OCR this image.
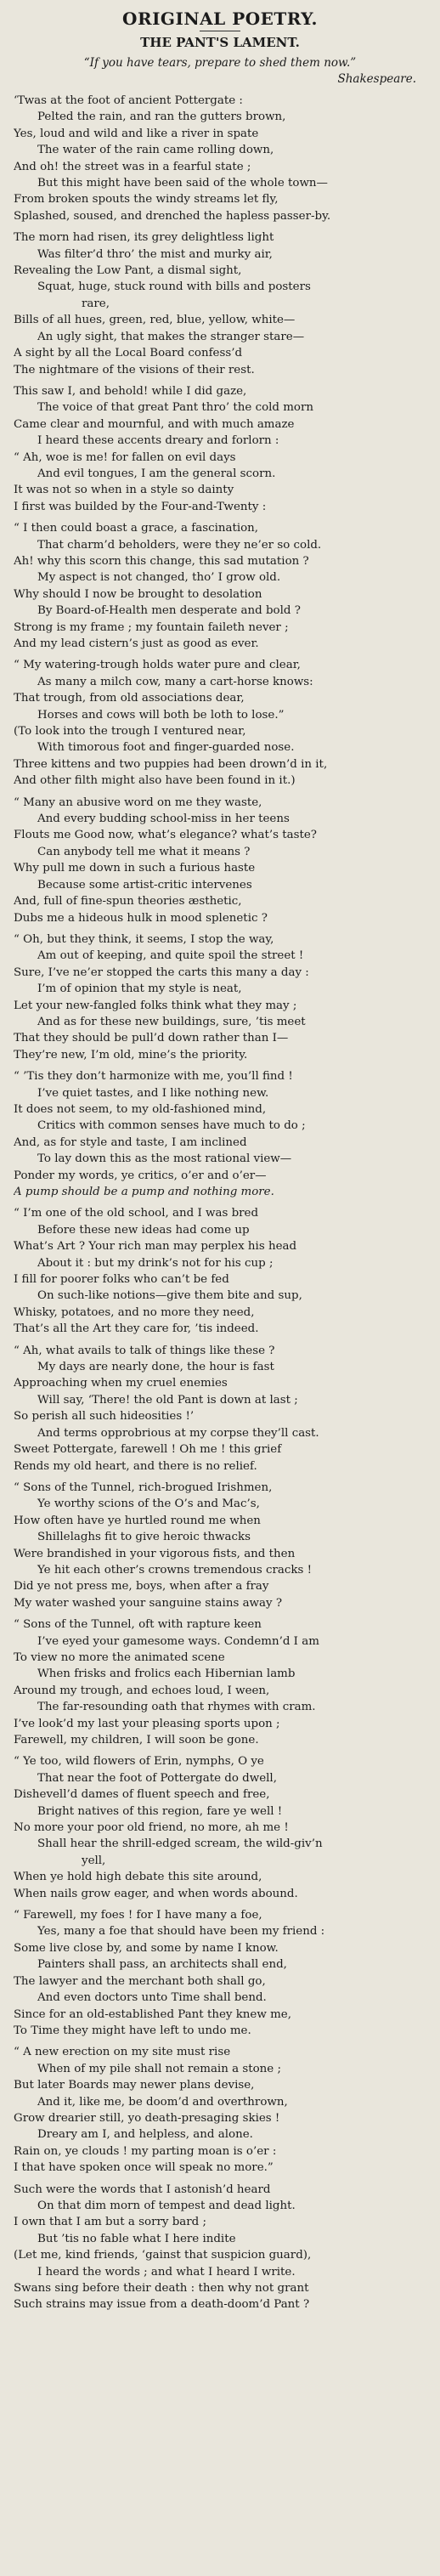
ORIGINAL POETRY.
THE PANT'S LAMENT.
“If you have tears, prepare to shed them now.”
Shakespeare.
‘Twas at the foot of ancient Pottergate :
Pelted the rain, and ran the gutters brown,
Yes, loud and wild and like a river in spate
The water of the rain came rolling down,
And oh! the street was in a fearful state ;
But this might have been said of the whole town—
From broken spouts the windy streams let fly,
Splashed, soused, and drenched the hapless passer-by.
The morn had risen, its grey delightless light
Was filter’d thro’ the mist and murky air,
Revealing the Low Pant, a dismal sight,
Squat, huge, stuck round with bills and posters
rare,
Bills of all hues, green, red, blue, yellow, white—
An ugly sight, that makes the stranger stare—
A sight by all the Local Board confess’d
The nightmare of the visions of their rest.
This saw I, and behold! while I did gaze,
The voice of that great Pant thro’ the cold morn
Came clear and mournful, and with much amaze
I heard these accents dreary and forlorn :
“ Ah, woe is me! for fallen on evil days
And evil tongues, I am the general scorn.
It was not so when in a style so dainty
I first was builded by the Four-and-Twenty :
“ I then could boast a grace, a fascination,
That charm’d beholders, were they ne’er so cold.
Ah! why this scorn this change, this sad mutation ?
My aspect is not changed, tho’ I grow old.
Why should I now be brought to desolation
By Board-of-Health men desperate and bold ?
Strong is my frame ; my fountain faileth never ;
And my lead cistern’s just as good as ever.
“ My watering-trough holds water pure and clear,
As many a milch cow, many a cart-horse knows:
That trough, from old associations dear,
Horses and cows will both be loth to lose.”
(To look into the trough I ventured near,
With timorous foot and finger-guarded nose.
Three kittens and two puppies had been drown’d in it,
And other filth might also have been found in it.)
“ Many an abusive word on me they waste,
And every budding school-miss in her teens
Flouts me Good now, what’s elegance? what’s taste?
Can anybody tell me what it means ?
Why pull me down in such a furious haste
Because some artist-critic intervenes
And, full of fine-spun theories æsthetic,
Dubs me a hideous hulk in mood splenetic ?
“ Oh, but they think, it seems, I stop the way,
Am out of keeping, and quite spoil the street !
Sure, I’ve ne’er stopped the carts this many a day :
I’m of opinion that my style is neat,
Let your new-fangled folks think what they may ;
And as for these new buildings, sure, ’tis meet
That they should be pull’d down rather than I—
They’re new, I’m old, mine’s the priority.
“ ’Tis they don’t harmonize with me, you’ll find !
I’ve quiet tastes, and I like nothing new.
It does not seem, to my old-fashioned mind,
Critics with common senses have much to do ;
And, as for style and taste, I am inclined
To lay down this as the most rational view—
Ponder my words, ye critics, o’er and o’er—
A pump should be a pump and nothing more.
“ I’m one of the old school, and I was bred
Before these new ideas had come up
What’s Art ? Your rich man may perplex his head
About it : but my drink’s not for his cup ;
I fill for poorer folks who can’t be fed
On such-like notions—give them bite and sup,
Whisky, potatoes, and no more they need,
That’s all the Art they care for, ’tis indeed.
“ Ah, what avails to talk of things like these ?
My days are nearly done, the hour is fast
Approaching when my cruel enemies
Will say, ‘There! the old Pant is down at last ;
So perish all such hideosities !’
And terms opprobrious at my corpse they’ll cast.
Sweet Pottergate, farewell ! Oh me ! this grief
Rends my old heart, and there is no relief.
“ Sons of the Tunnel, rich-brogued Irishmen,
Ye worthy scions of the O’s and Mac’s,
How often have ye hurtled round me when
Shillelaghs fit to give heroic thwacks
Were brandished in your vigorous fists, and then
Ye hit each other’s crowns tremendous cracks !
Did ye not press me, boys, when after a fray
My water washed your sanguine stains away ?
“ Sons of the Tunnel, oft with rapture keen
I’ve eyed your gamesome ways. Condemn’d I am
To view no more the animated scene
When frisks and frolics each Hibernian lamb
Around my trough, and echoes loud, I ween,
The far-resounding oath that rhymes with cram.
I’ve look’d my last your pleasing sports upon ;
Farewell, my children, I will soon be gone.
“ Ye too, wild flowers of Erin, nymphs, O ye
That near the foot of Pottergate do dwell,
Dishevell’d dames of fluent speech and free,
Bright natives of this region, fare ye well !
No more your poor old friend, no more, ah me !
Shall hear the shrill-edged scream, the wild-giv’n
yell,
When ye hold high debate this site around,
When nails grow eager, and when words abound.
“ Farewell, my foes ! for I have many a foe,
Yes, many a foe that should have been my friend :
Some live close by, and some by name I know.
Painters shall pass, an architects shall end,
The lawyer and the merchant both shall go,
And even doctors unto Time shall bend.
Since for an old-established Pant they knew me,
To Time they might have left to undo me.
“ A new erection on my site must rise
When of my pile shall not remain a stone ;
But later Boards may newer plans devise,
And it, like me, be doom’d and overthrown,
Grow drearier still, yo death-presaging skies !
Dreary am I, and helpless, and alone.
Rain on, ye clouds ! my parting moan is o’er :
I that have spoken once will speak no more.”
Such were the words that I astonish’d heard
On that dim morn of tempest and dead light.
I own that I am but a sorry bard ;
But ’tis no fable what I here indite
(Let me, kind friends, ‘gainst that suspicion guard),
I heard the words ; and what I heard I write.
Swans sing before their death : then why not grant
Such strains may issue from a death-doom’d Pant ?
